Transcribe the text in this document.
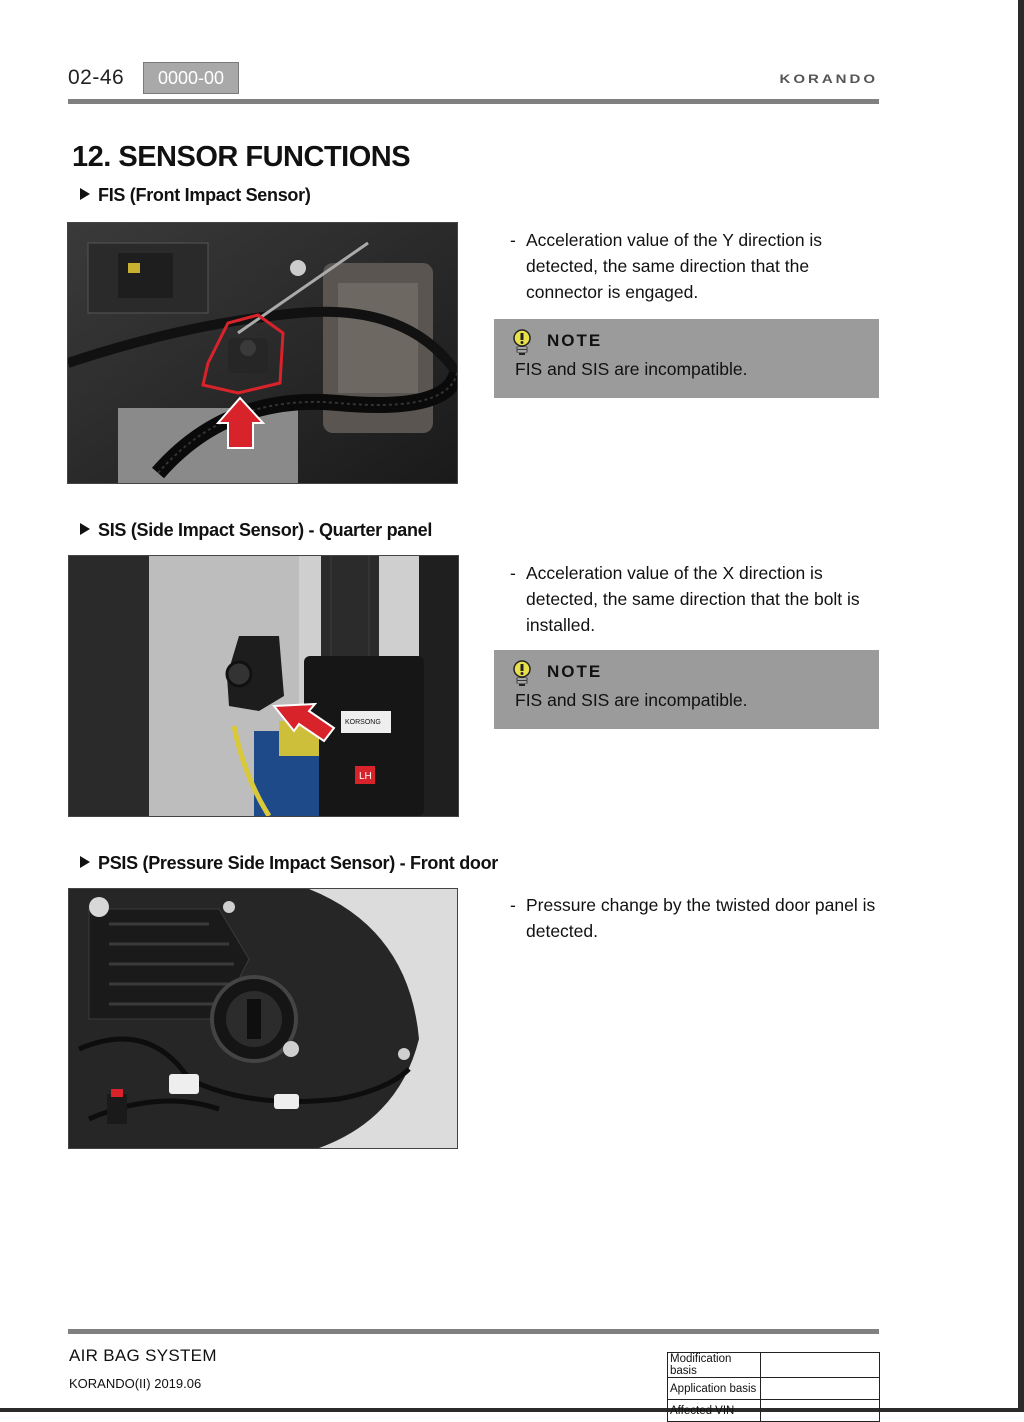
02-46	0000-00	KORANDO
12. SENSOR FUNCTIONS
FIS (Front Impact Sensor)
- Acceleration value of the Y direction is
detected, the same direction that the
connector is engaged.
NOTE
FIS and SIS are incompatible.
SIS (Side Impact Sensor) - Quarter panel
KORSONG
LH
- Acceleration value of the X direction is
detected, the same direction that the bolt is
installed.
NOTE
FIS and SIS are incompatible.
PSIS (Pressure Side Impact Sensor) - Front door
- Pressure change by the twisted door panel is
detected.
AIR BAG SYSTEM
KORANDO(II) 2019.06
Modification basis	
Application basis	
Affected VIN	
